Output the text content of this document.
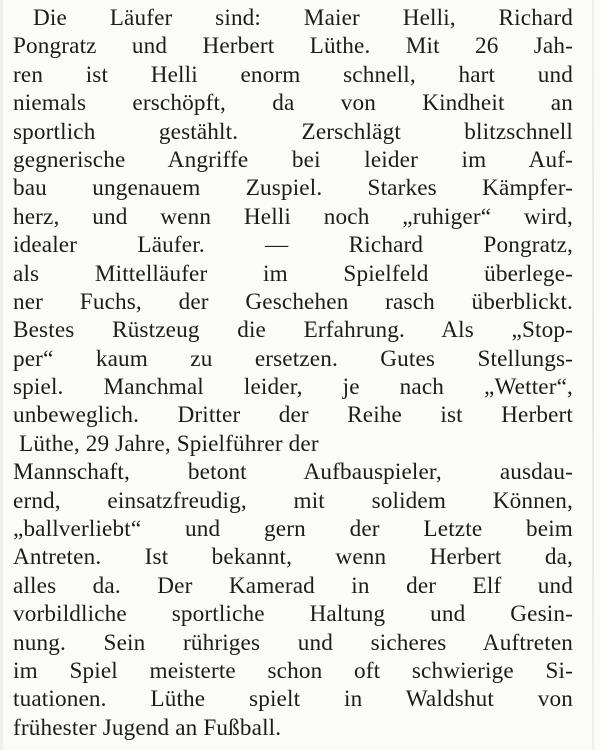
Die Läufer sind: Maier Helli, Richard
Pongratz und Herbert Lüthe. Mit 26 Jah-
ren ist Helli enorm schnell, hart und
niemals erschöpft, da von Kindheit an
sportlich gestählt. Zerschlägt blitzschnell
gegnerische Angriffe bei leider im Auf-
bau ungenauem Zuspiel. Starkes Kämpfer-
herz, und wenn Helli noch „ruhiger“ wird,
idealer Läufer. — Richard Pongratz,
als Mittelläufer im Spielfeld überlege-
ner Fuchs, der Geschehen rasch überblickt.
Bestes Rüstzeug die Erfahrung. Als „Stop-
per“ kaum zu ersetzen. Gutes Stellungs-
spiel. Manchmal leider, je nach „Wetter“,
unbeweglich. Dritter der Reihe ist Herbert
Lüthe, 29 Jahre, Spielführer der
Mannschaft, betont Aufbauspieler, ausdau-
ernd, einsatzfreudig, mit solidem Können,
„ballverliebt“ und gern der Letzte beim
Antreten. Ist bekannt, wenn Herbert da,
alles da. Der Kamerad in der Elf und
vorbildliche sportliche Haltung und Gesin-
nung. Sein rühriges und sicheres Auftreten
im Spiel meisterte schon oft schwierige Si-
tuationen. Lüthe spielt in Waldshut von
frühester Jugend an Fußball.
